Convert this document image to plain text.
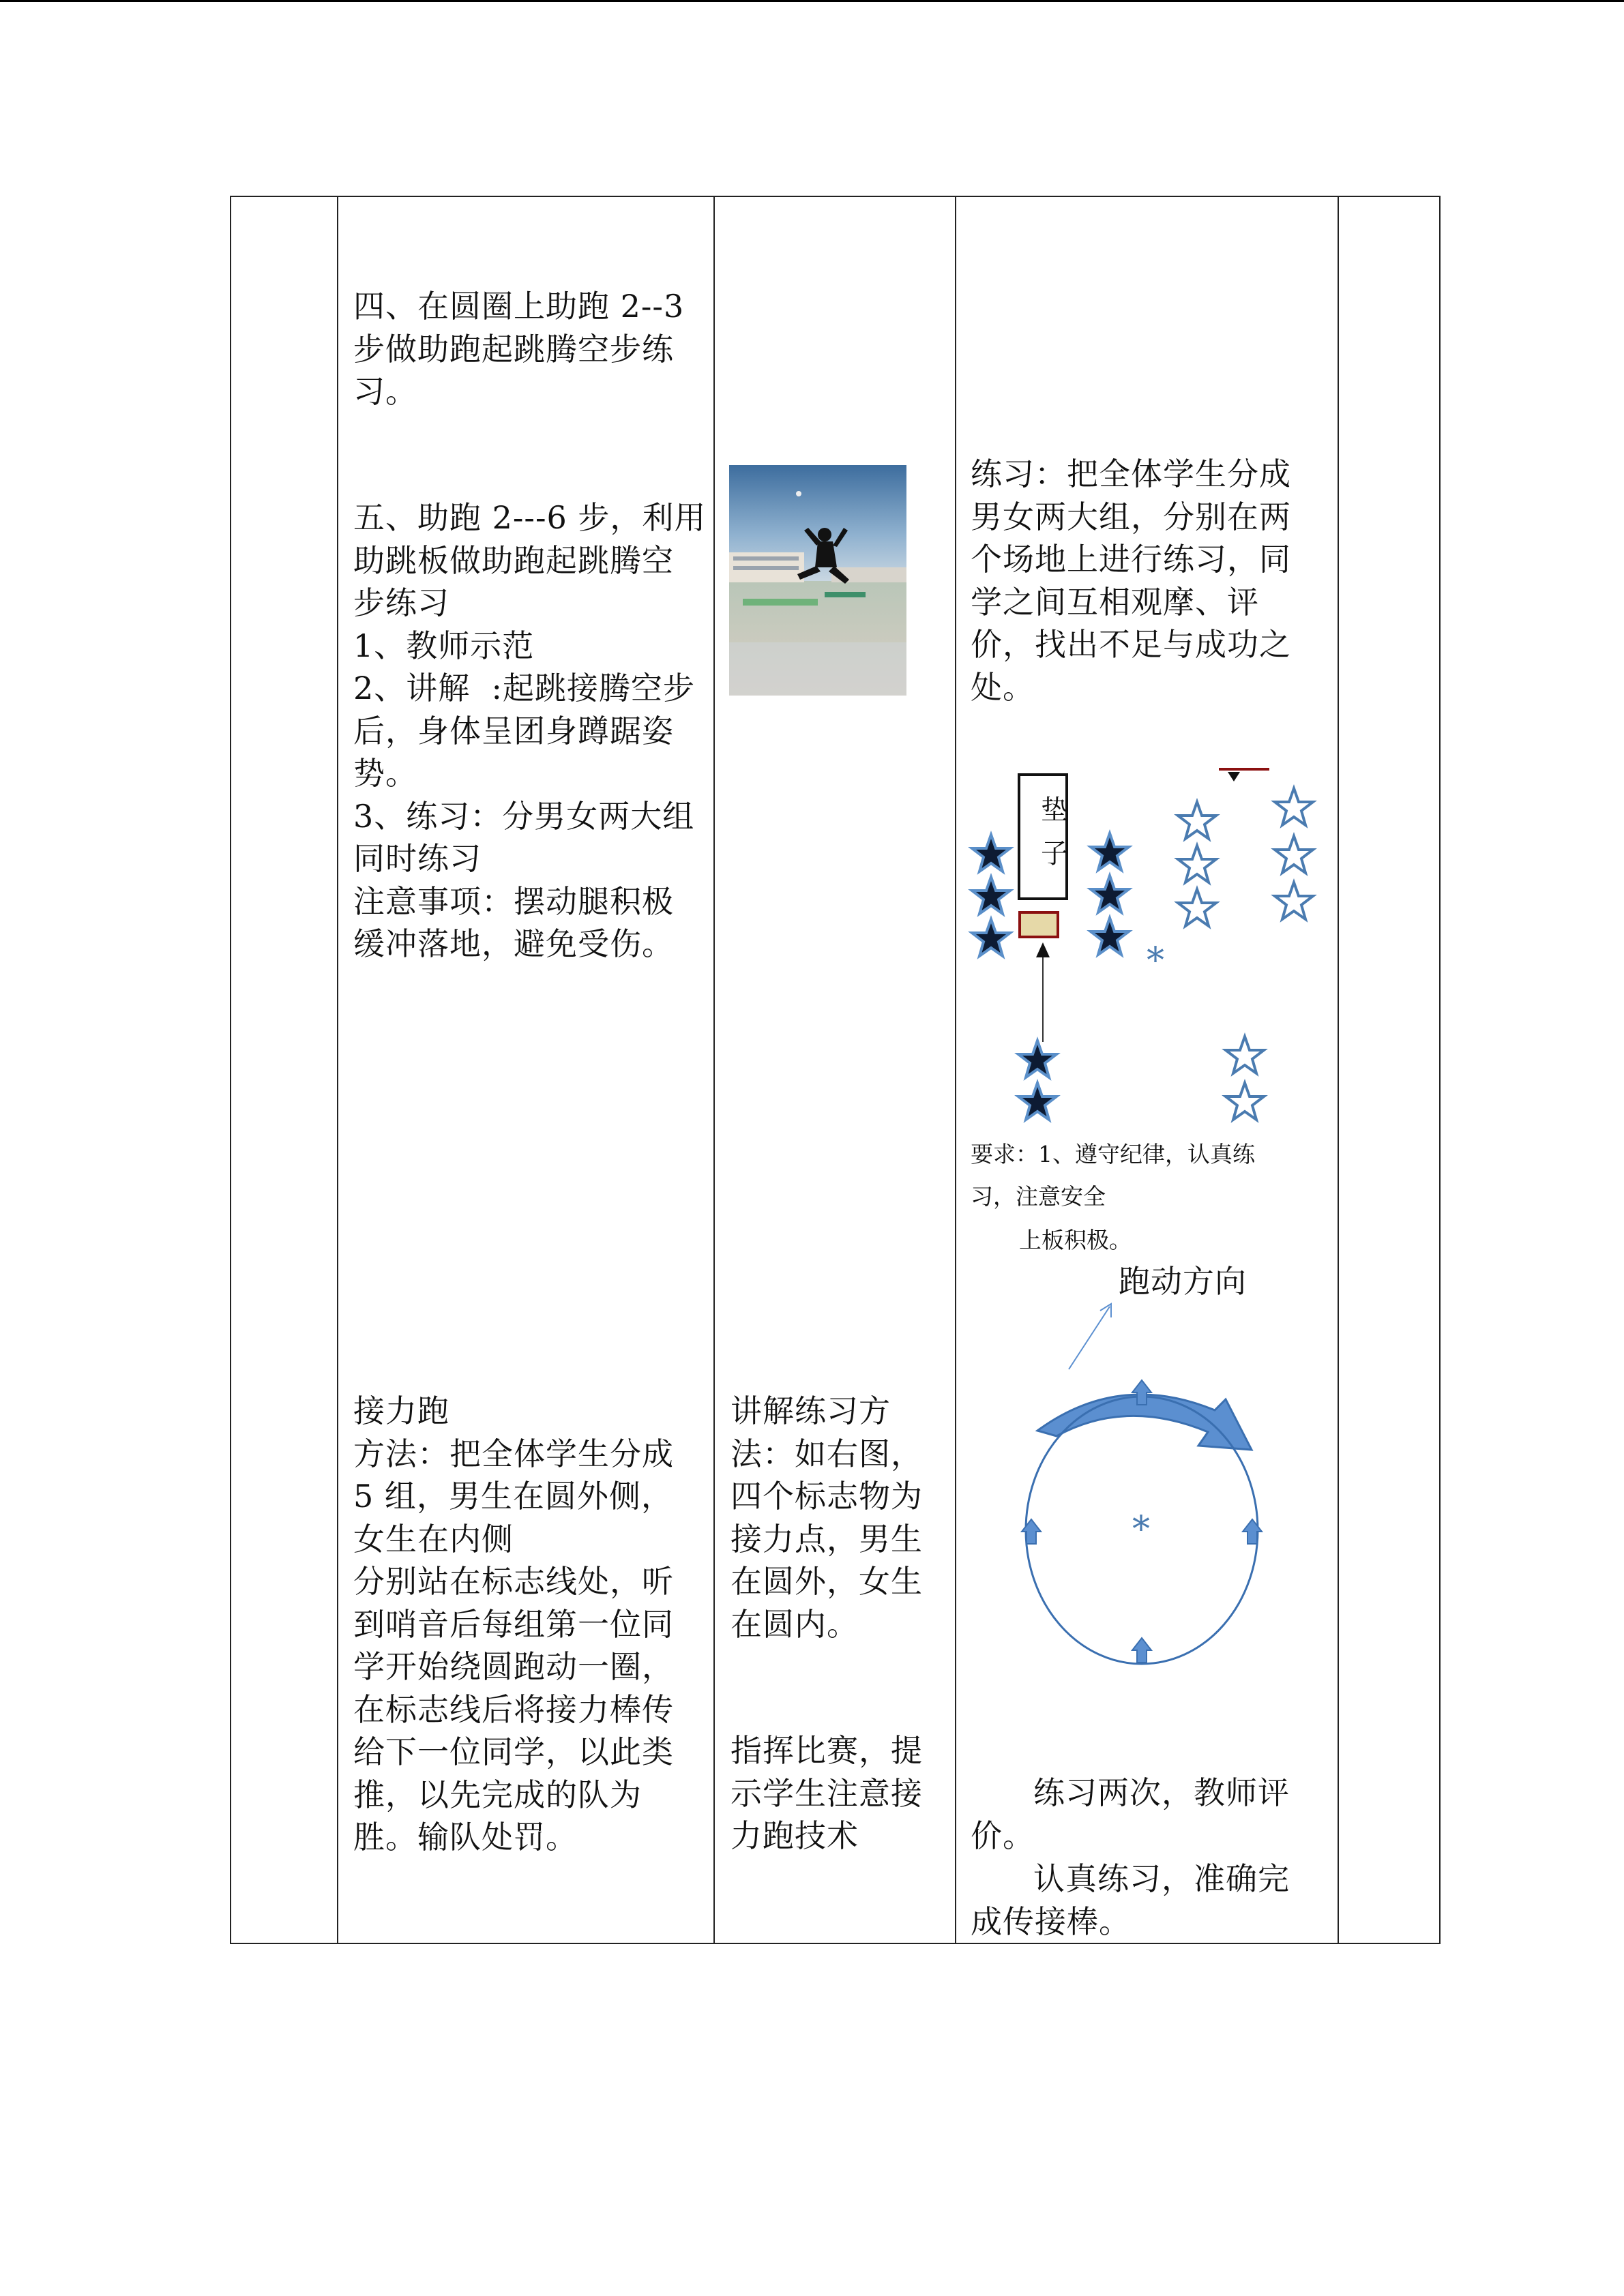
四、在圆圈上助跑 2--3
步做助跑起跳腾空步练
习。
五、助跑 2---6 步，利用
助跳板做助跑起跳腾空
步练习
1、教师示范
2、讲解  :起跳接腾空步
后，身体呈团身蹲踞姿
势。
3、练习：分男女两大组
同时练习
注意事项：摆动腿积极
缓冲落地，避免受伤。
接力跑
方法：把全体学生分成
5 组，男生在圆外侧，
女生在内侧
分别站在标志线处，听
到哨音后每组第一位同
学开始绕圆跑动一圈，
在标志线后将接力棒传
给下一位同学，以此类
推，以先完成的队为
胜。输队处罚。
讲解练习方
法：如右图，
四个标志物为
接力点，男生
在圆外，女生
在圆内。
指挥比赛，提
示学生注意接
力跑技术
练习：把全体学生分成
男女两大组，分别在两
个场地上进行练习，同
学之间互相观摩、评
价，找出不足与成功之
处。
垫
子
*
要求：1、遵守纪律，认真练
习，注意安全
上板积极。
跑动方向
*
练习两次，教师评
价。
认真练习，准确完
成传接棒。
